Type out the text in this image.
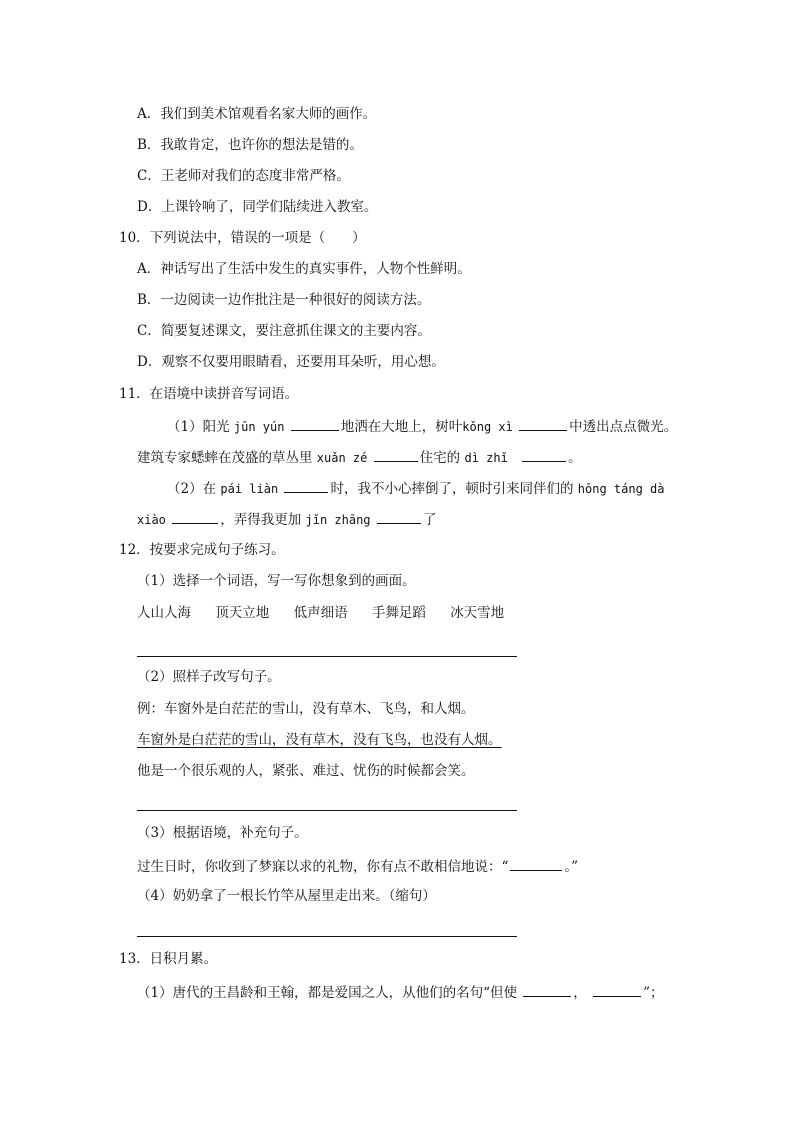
A．我们到美术馆观看名家大师的画作。
B．我敢肯定，也许你的想法是错的。
C．王老师对我们的态度非常严格。
D．上课铃响了，同学们陆续进入教室。
10．下列说法中，错误的一项是（　　）
A．神话写出了生活中发生的真实事件，人物个性鲜明。
B．一边阅读一边作批注是一种很好的阅读方法。
C．简要复述课文，要注意抓住课文的主要内容。
D．观察不仅要用眼睛看，还要用耳朵听，用心想。
11．在语境中读拼音写词语。
（1）阳光 jūn yún	地洒在大地上，树叶kǒng xì	中透出点点微光。
建筑专家蟋蟀在茂盛的草丛里 xuǎn zé	住宅的 dì zhǐ	。
（2）在 pái liàn	时，我不小心摔倒了，顿时引来同伴们的 hōng táng dà
xiào	，弄得我更加 jǐn zhāng	了
12．按要求完成句子练习。
（1）选择一个词语，写一写你想象到的画面。
人山人海 顶天立地 低声细语 手舞足蹈 冰天雪地
（2）照样子改写句子。
例：车窗外是白茫茫的雪山，没有草木、飞鸟，和人烟。
车窗外是白茫茫的雪山，没有草木，没有飞鸟，也没有人烟。
他是一个很乐观的人，紧张、难过、忧伤的时候都会笑。
（3）根据语境，补充句子。
过生日时，你收到了梦寐以求的礼物，你有点不敢相信地说：“	。”
（4）奶奶拿了一根长竹竿从屋里走出来。（缩句）
13．日积月累。
（1）唐代的王昌龄和王翰，都是爱国之人，从他们的名句“但使	，	”；
